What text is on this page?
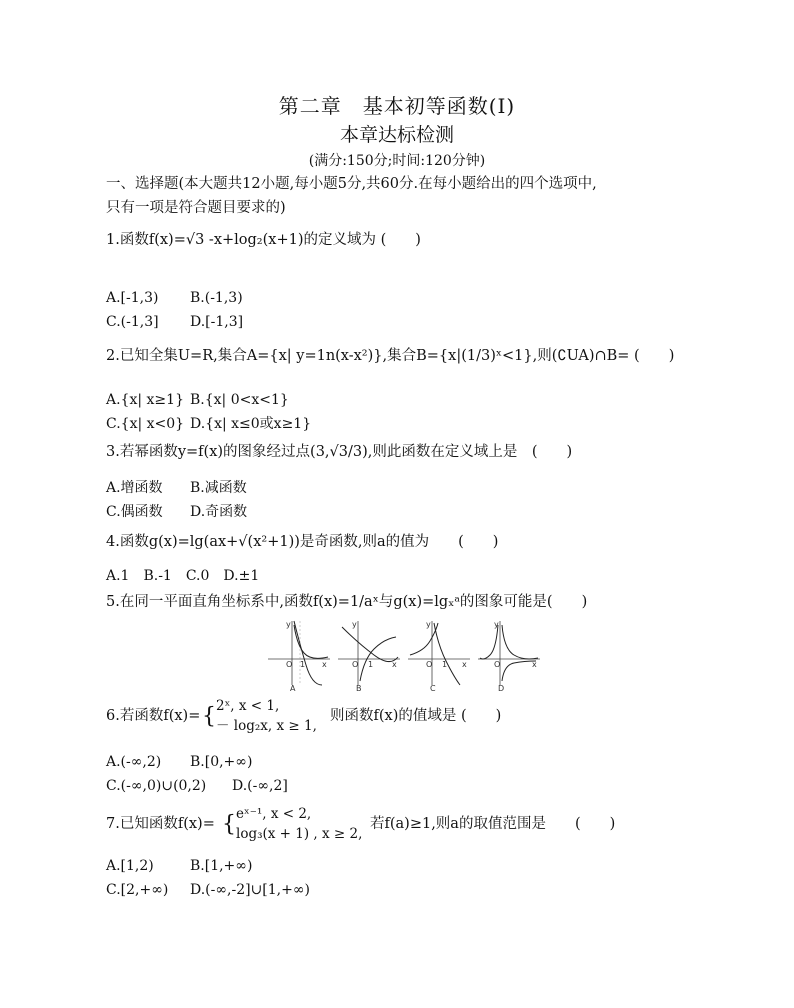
第二章　基本初等函数(Ⅰ)
本章达标检测
(满分:150分;时间:120分钟)
一、选择题(本大题共12小题,每小题5分,共60分.在每小题给出的四个选项中,
只有一项是符合题目要求的)
1.函数f(x)=√3 -x+log₂(x+1)的定义域为 (　　)
A.[-1,3) B.(-1,3)
C.(-1,3] D.[-1,3]
2.已知全集U=R,集合A={x| y=1n(x-x²)},集合B={x|(1/3)ˣ<1},则(∁UA)∩B= (　　)
A.{x| x≥1} B.{x| 0<x<1}
C.{x| x<0} D.{x| x≤0或x≥1}
3.若幂函数y=f(x)的图象经过点(3,√3/3),则此函数在定义域上是　(　　)
A.增函数 B.减函数
C.偶函数 D.奇函数
4.函数g(x)=lg(ax+√(x²+1))是奇函数,则a的值为　　(　　)
A.1　B.-1　C.0　D.±1
5.在同一平面直角坐标系中,函数f(x)=1/aˣ与g(x)=lgₓᵃ的图象可能是(　　)
y
O 1 x
A
y
O 1 x
B
y
O 1 x
C
y
O	x
D
6.若函数f(x)= { 2ˣ, x < 1,
－ log₂x, x ≥ 1,
则函数f(x)的值域是 (　　)
A.(-∞,2) B.[0,+∞)
C.(-∞,0)∪(0,2) D.(-∞,2]
7.已知函数f(x)= { eˣ⁻¹, x < 2,
log₃(x + 1) , x ≥ 2,
若f(a)≥1,则a的取值范围是　　(　　)
A.[1,2)	B.[1,+∞)
C.[2,+∞) D.(-∞,-2]∪[1,+∞)
